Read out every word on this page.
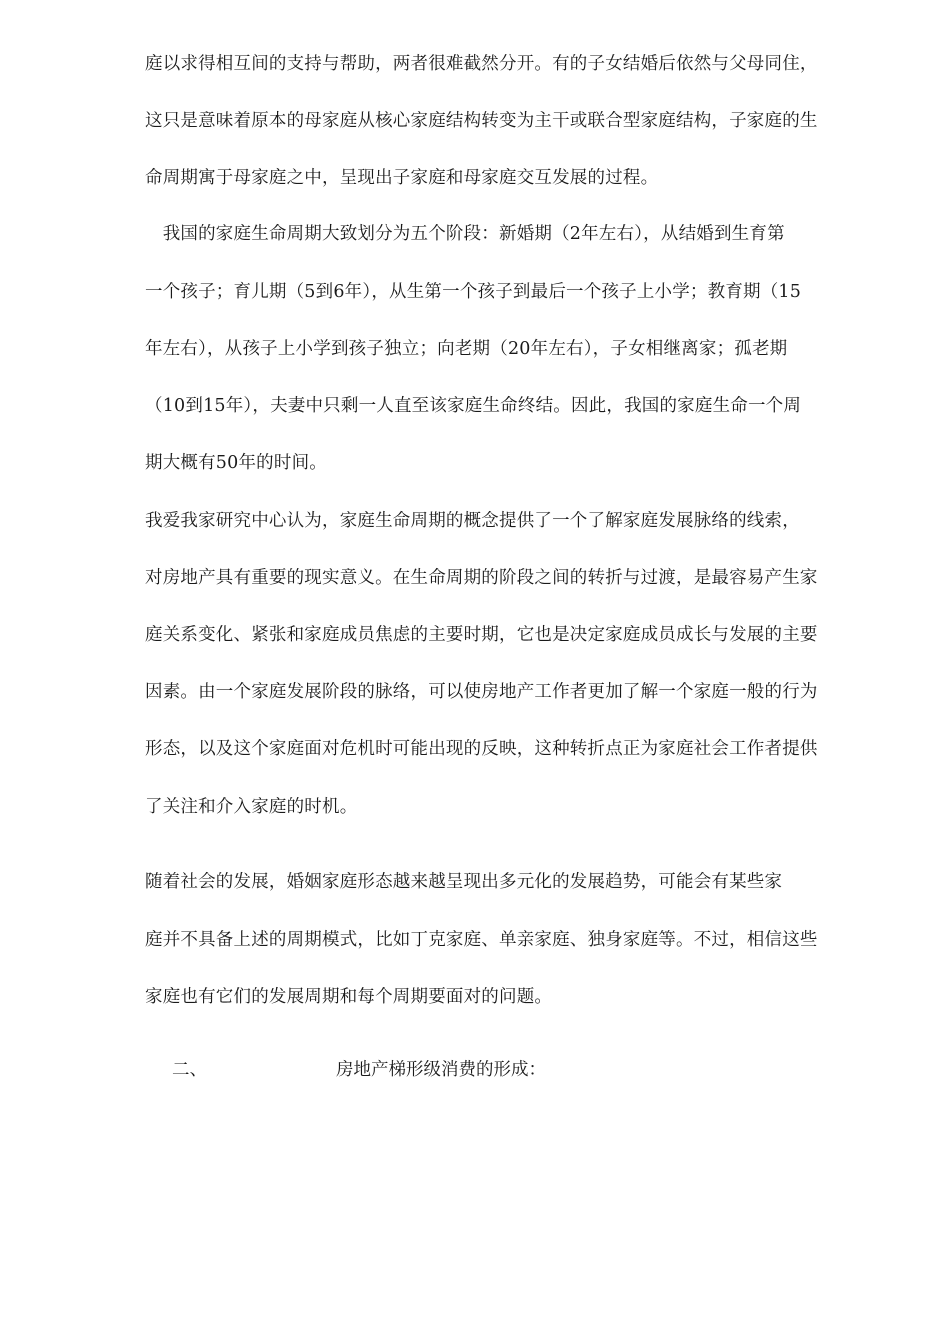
庭以求得相互间的支持与帮助，两者很难截然分开。有的子女结婚后依然与父母同住，
这只是意味着原本的母家庭从核心家庭结构转变为主干或联合型家庭结构，子家庭的生
命周期寓于母家庭之中，呈现出子家庭和母家庭交互发展的过程。
　我国的家庭生命周期大致划分为五个阶段：新婚期（2年左右），从结婚到生育第
一个孩子；育儿期（5到6年），从生第一个孩子到最后一个孩子上小学；教育期（15
年左右），从孩子上小学到孩子独立；向老期（20年左右），子女相继离家；孤老期
（10到15年），夫妻中只剩一人直至该家庭生命终结。因此，我国的家庭生命一个周
期大概有50年的时间。
我爱我家研究中心认为，家庭生命周期的概念提供了一个了解家庭发展脉络的线索，
对房地产具有重要的现实意义。在生命周期的阶段之间的转折与过渡，是最容易产生家
庭关系变化、紧张和家庭成员焦虑的主要时期，它也是决定家庭成员成长与发展的主要
因素。由一个家庭发展阶段的脉络，可以使房地产工作者更加了解一个家庭一般的行为
形态，以及这个家庭面对危机时可能出现的反映，这种转折点正为家庭社会工作者提供
了关注和介入家庭的时机。
随着社会的发展，婚姻家庭形态越来越呈现出多元化的发展趋势，可能会有某些家
庭并不具备上述的周期模式，比如丁克家庭、单亲家庭、独身家庭等。不过，相信这些
家庭也有它们的发展周期和每个周期要面对的问题。
二、	房地产梯形级消费的形成：
